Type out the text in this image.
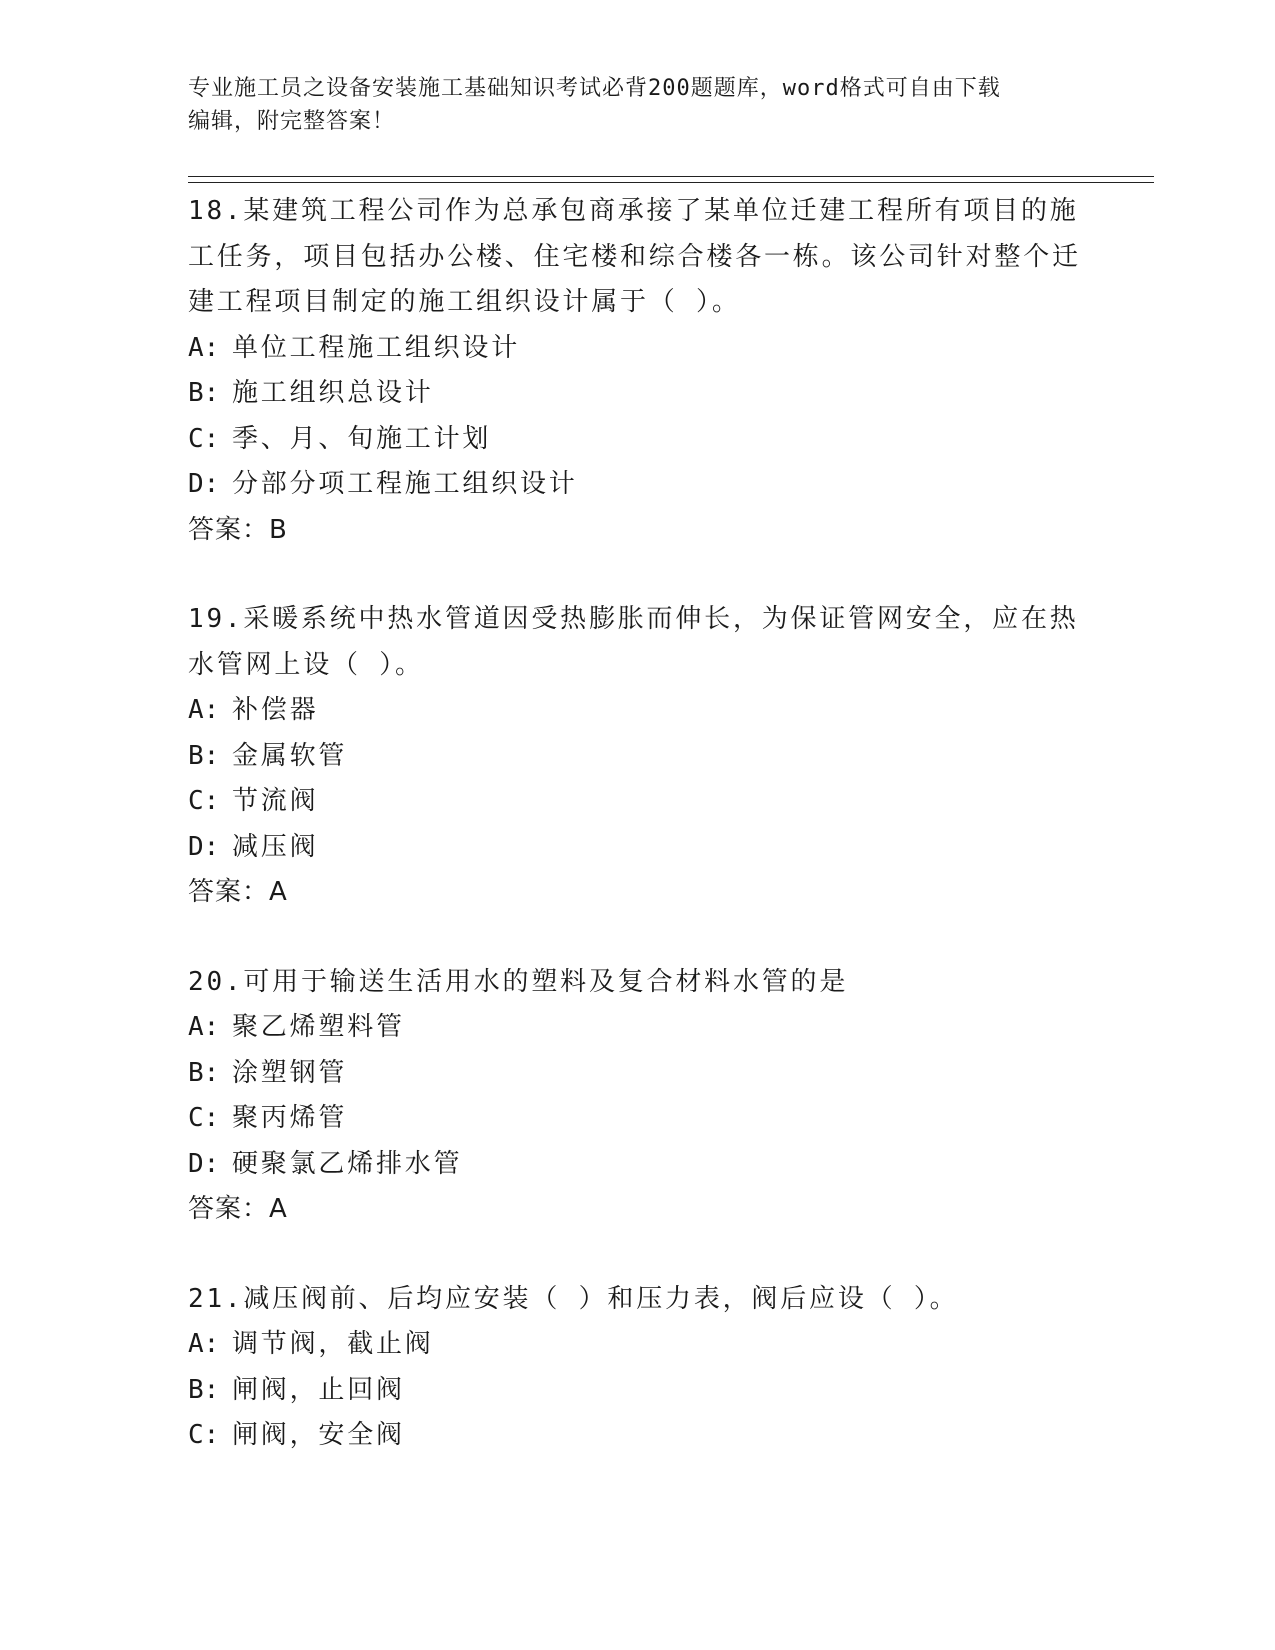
专业施工员之设备安装施工基础知识考试必背200题题库，word格式可自由下载
编辑，附完整答案！
18.某建筑工程公司作为总承包商承接了某单位迁建工程所有项目的施工任务，项目包括办公楼、住宅楼和综合楼各一栋。该公司针对整个迁建工程项目制定的施工组织设计属于（ ）。
A: 单位工程施工组织设计
B: 施工组织总设计
C: 季、月、旬施工计划
D: 分部分项工程施工组织设计
答案：B
19.采暖系统中热水管道因受热膨胀而伸长，为保证管网安全，应在热水管网上设（ ）。
A: 补偿器
B: 金属软管
C: 节流阀
D: 减压阀
答案：A
20.可用于输送生活用水的塑料及复合材料水管的是
A: 聚乙烯塑料管
B: 涂塑钢管
C: 聚丙烯管
D: 硬聚氯乙烯排水管
答案：A
21.减压阀前、后均应安装（ ）和压力表，阀后应设（ ）。
A: 调节阀，截止阀
B: 闸阀，止回阀
C: 闸阀，安全阀
